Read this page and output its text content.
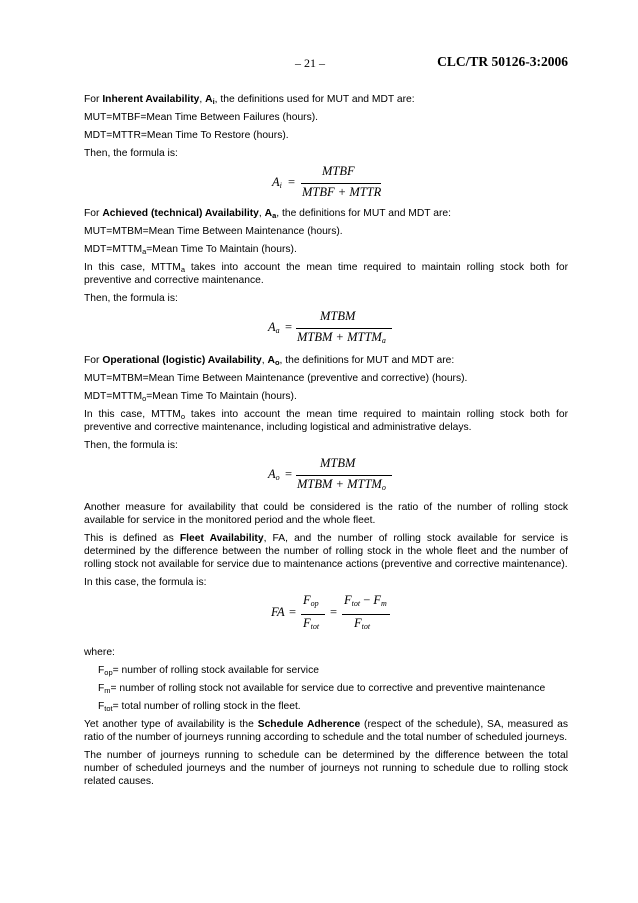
– 21 –	CLC/TR 50126-3:2006

For Inherent Availability, $A_i$, the definitions used for MUT and MDT are:

MUT=MTBF=Mean Time Between Failures (hours).

MDT=MTTR=Mean Time To Restore (hours).

Then, the formula is:

$A_i$ =
MTBF
MTBF + MTTR

For Achieved (technical) Availability, $A_a$, the definitions for MUT and MDT are:

MUT=MTBM=Mean Time Between Maintenance (hours).

$MDT=MTTM_a=Mean$ Time To Maintain (hours).

In this case, $MTTM_a$ takes into account the mean time required to maintain rolling stock both for preventive and corrective maintenance.

Then, the formula is:

$A_a$ =
MTBM
MTBM + $MTTM_a$

For Operational (logistic) Availability, $A_o$, the definitions for MUT and MDT are:

MUT=MTBM=Mean Time Between Maintenance (preventive and corrective) (hours).

$MDT=MTTM_o=Mean$ Time To Maintain (hours).

In this case, $MTTM_o$ takes into account the mean time required to maintain rolling stock both for preventive and corrective maintenance, including logistical and administrative delays.

Then, the formula is:

$A_o$ =
MTBM
MTBM + $MTTM_o$

Another measure for availability that could be considered is the ratio of the number of rolling stock available for service in the monitored period and the whole fleet.

This is defined as Fleet Availability, FA, and the number of rolling stock available for service is determined by the difference between the number of rolling stock in the whole fleet and the number of rolling stock not available for service due to maintenance actions (preventive and corrective maintenance).

In this case, the formula is:

FA =
$F_{op}$
$F_{tot}$
=
$F_{tot} - F_m$
$F_{tot}$

where:

$F_{op}=$ number of rolling stock available for service

$F_m=$ number of rolling stock not available for service due to corrective and preventive maintenance

$F_{tot}=$ total number of rolling stock in the fleet.

Yet another type of availability is the Schedule Adherence (respect of the schedule), SA, measured as ratio of the number of journeys running according to schedule and the total number of scheduled journeys.

The number of journeys running to schedule can be determined by the difference between the total number of scheduled journeys and the number of journeys not running to schedule due to rolling stock related causes.
